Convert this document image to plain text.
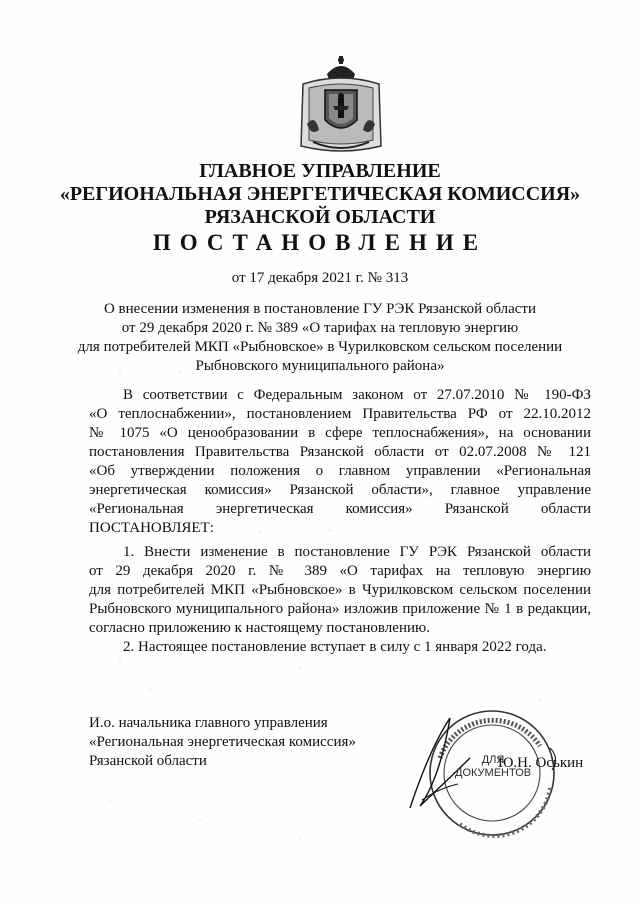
ГЛАВНОЕ УПРАВЛЕНИЕ
«РЕГИОНАЛЬНАЯ ЭНЕРГЕТИЧЕСКАЯ КОМИССИЯ»
РЯЗАНСКОЙ ОБЛАСТИ
ПОСТАНОВЛЕНИЕ
от 17 декабря 2021 г. № 313
О внесении изменения в постановление ГУ РЭК Рязанской области
от 29 декабря 2020 г. № 389 «О тарифах на тепловую энергию
для потребителей МКП «Рыбновское» в Чурилковском сельском поселении
Рыбновского муниципального района»
В соответствии с Федеральным законом от 27.07.2010 № 190-ФЗ
«О теплоснабжении», постановлением Правительства РФ от 22.10.2012
№ 1075 «О ценообразовании в сфере теплоснабжения», на основании
постановления Правительства Рязанской области от 02.07.2008 № 121
«Об утверждении положения о главном управлении «Региональная
энергетическая комиссия» Рязанской области», главное управление
«Региональная энергетическая комиссия» Рязанской области
ПОСТАНОВЛЯЕТ:
1. Внести изменение в постановление ГУ РЭК Рязанской области
от 29 декабря 2020 г. № 389 «О тарифах на тепловую энергию
для потребителей МКП «Рыбновское» в Чурилковском сельском поселении
Рыбновского муниципального района» изложив приложение № 1 в редакции,
согласно приложению к настоящему постановлению.
2. Настоящее постановление вступает в силу с 1 января 2022 года.
И.о. начальника главного управления
«Региональная энергетическая комиссия»
Рязанской области	ДЛЯ
ДОКУМЕНТОВ
Ю.Н. Оськин
